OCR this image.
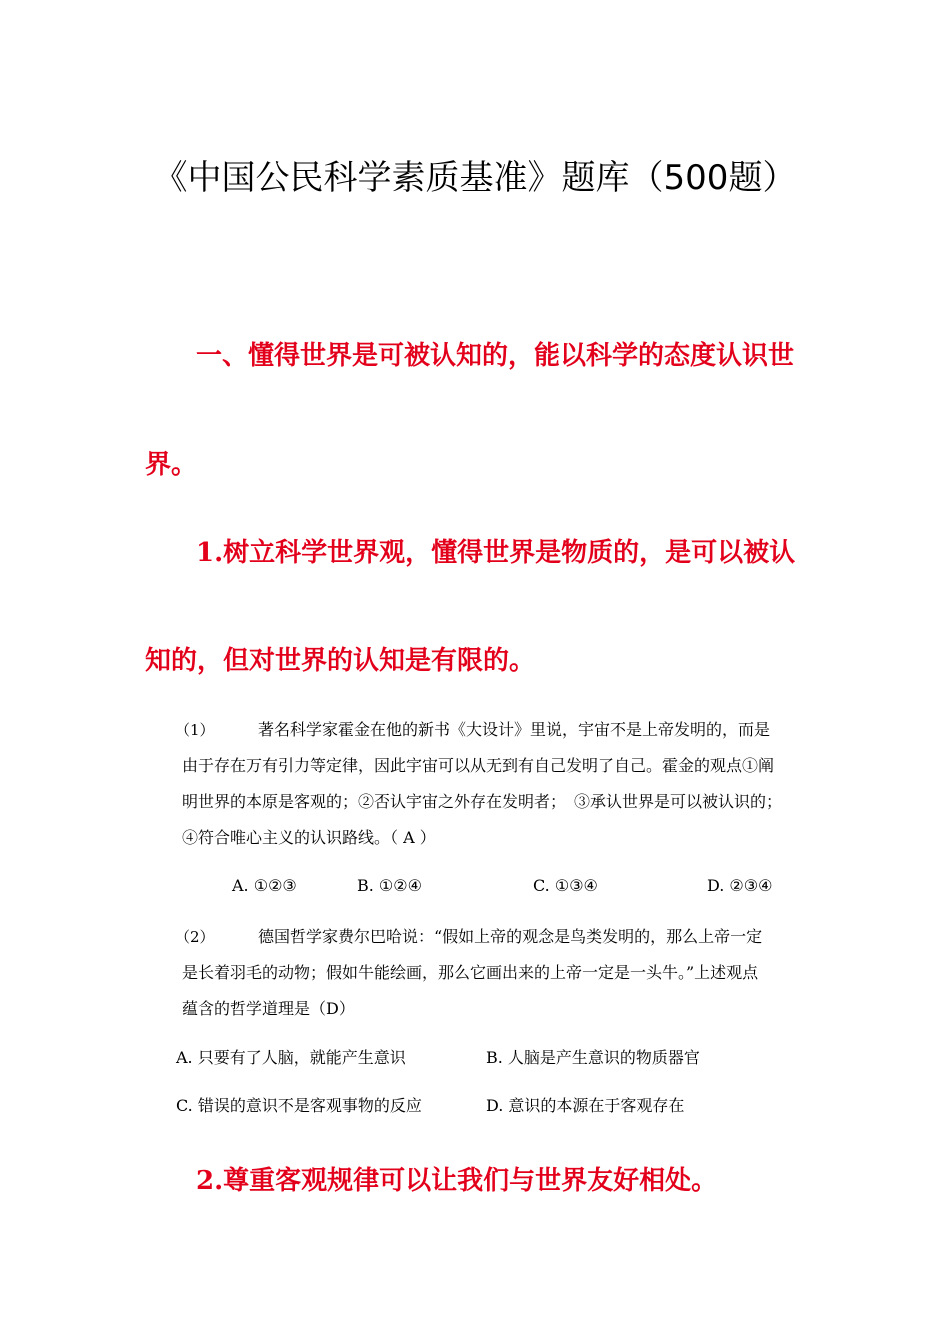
《中国公民科学素质基准》题库（500题）
一、懂得世界是可被认知的，能以科学的态度认识世
界。
1.树立科学世界观，懂得世界是物质的，是可以被认
知的，但对世界的认知是有限的。
（1）	著名科学家霍金在他的新书《大设计》里说，宇宙不是上帝发明的，而是
由于存在万有引力等定律，因此宇宙可以从无到有自己发明了自己。霍金的观点①阐
明世界的本原是客观的；②否认宇宙之外存在发明者；　③承认世界是可以被认识的；
④符合唯心主义的认识路线。（ A ）
A. ①②③	B. ①②④	C. ①③④	D. ②③④
（2）	德国哲学家费尔巴哈说：“假如上帝的观念是鸟类发明的，那么上帝一定
是长着羽毛的动物；假如牛能绘画，那么它画出来的上帝一定是一头牛。”上述观点
蕴含的哲学道理是（D）
A. 只要有了人脑，就能产生意识	B. 人脑是产生意识的物质器官
C. 错误的意识不是客观事物的反应	D. 意识的本源在于客观存在
2.尊重客观规律可以让我们与世界友好相处。
